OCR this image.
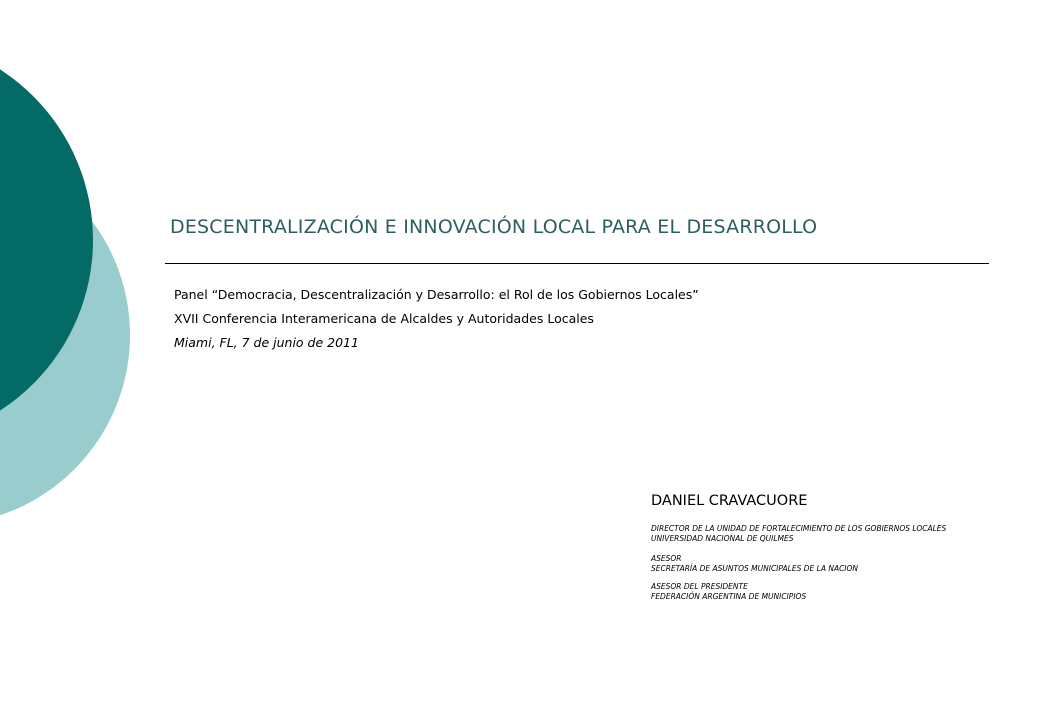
DESCENTRALIZACIÓN E INNOVACIÓN LOCAL PARA EL DESARROLLO
Panel “Democracia, Descentralización y Desarrollo: el Rol de los Gobiernos Locales”
XVII Conferencia Interamericana de Alcaldes y Autoridades Locales
Miami, FL, 7 de junio de 2011
DANIEL CRAVACUORE
DIRECTOR DE LA UNIDAD DE FORTALECIMIENTO DE LOS GOBIERNOS LOCALES
UNIVERSIDAD NACIONAL DE QUILMES
ASESOR
SECRETARÍA DE ASUNTOS MUNICIPALES DE LA NACION
ASESOR DEL PRESIDENTE
FEDERACIÓN ARGENTINA DE MUNICIPIOS
